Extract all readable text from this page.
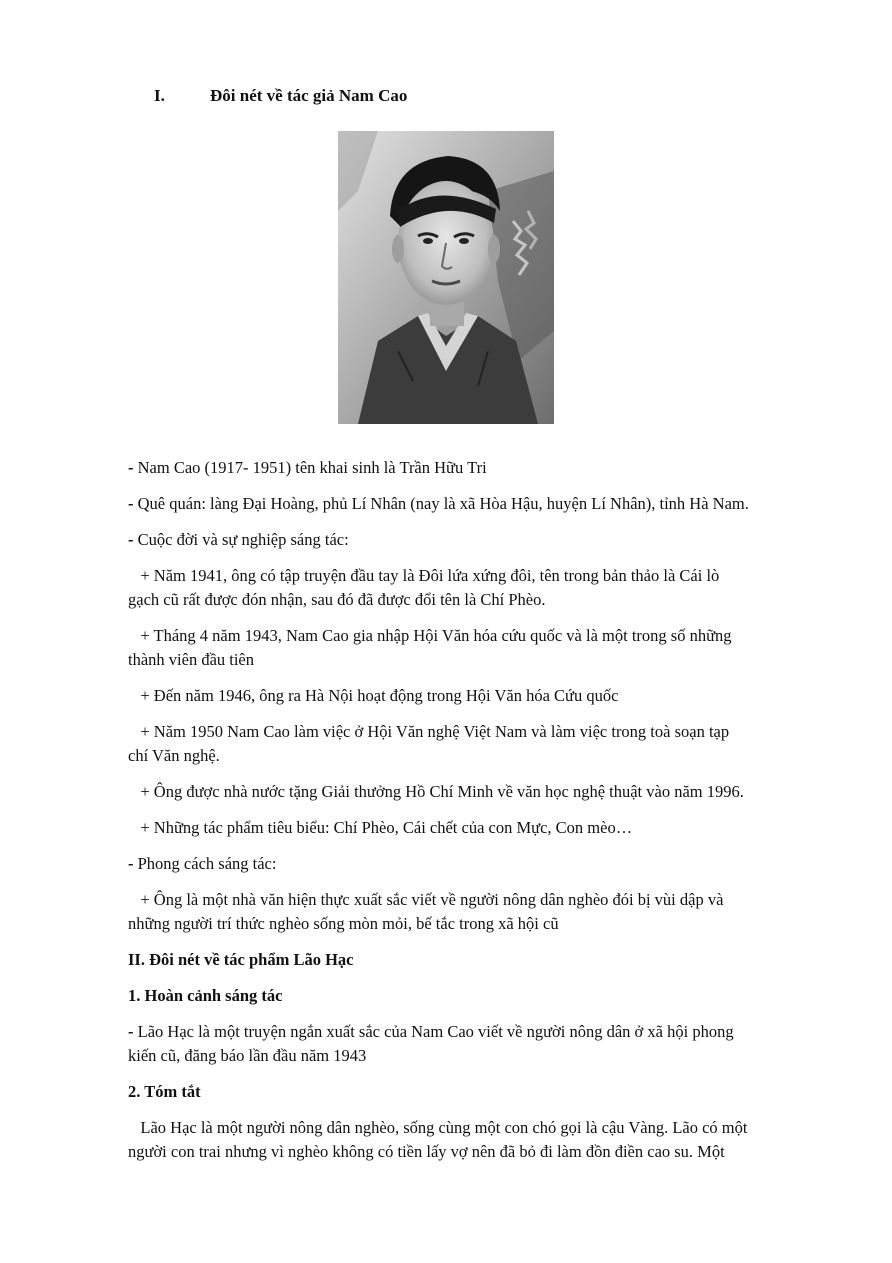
I.	Đôi nét về tác giả Nam Cao
- Nam Cao (1917- 1951) tên khai sinh là Trần Hữu Tri
- Quê quán: làng Đại Hoàng, phủ Lí Nhân (nay là xã Hòa Hậu, huyện Lí Nhân), tỉnh Hà Nam.
- Cuộc đời và sự nghiệp sáng tác:
+ Năm 1941, ông có tập truyện đầu tay là Đôi lứa xứng đôi, tên trong bản thảo là Cái lò
gạch cũ rất được đón nhận, sau đó đã được đổi tên là Chí Phèo.
+ Tháng 4 năm 1943, Nam Cao gia nhập Hội Văn hóa cứu quốc và là một trong số những
thành viên đầu tiên
+ Đến năm 1946, ông ra Hà Nội hoạt động trong Hội Văn hóa Cứu quốc
+ Năm 1950 Nam Cao làm việc ở Hội Văn nghệ Việt Nam và làm việc trong toà soạn tạp
chí Văn nghệ.
+ Ông được nhà nước tặng Giải thưởng Hồ Chí Minh về văn học nghệ thuật vào năm 1996.
+ Những tác phẩm tiêu biểu: Chí Phèo, Cái chết của con Mực, Con mèo…
- Phong cách sáng tác:
+ Ông là một nhà văn hiện thực xuất sắc viết về người nông dân nghèo đói bị vùi dập và
những người trí thức nghèo sống mòn mỏi, bế tắc trong xã hội cũ
II. Đôi nét về tác phẩm Lão Hạc
1. Hoàn cảnh sáng tác
- Lão Hạc là một truyện ngắn xuất sắc của Nam Cao viết về người nông dân ở xã hội phong
kiến cũ, đăng báo lần đầu năm 1943
2. Tóm tắt
Lão Hạc là một người nông dân nghèo, sống cùng một con chó gọi là cậu Vàng. Lão có một
người con trai nhưng vì nghèo không có tiền lấy vợ nên đã bỏ đi làm đồn điền cao su. Một
